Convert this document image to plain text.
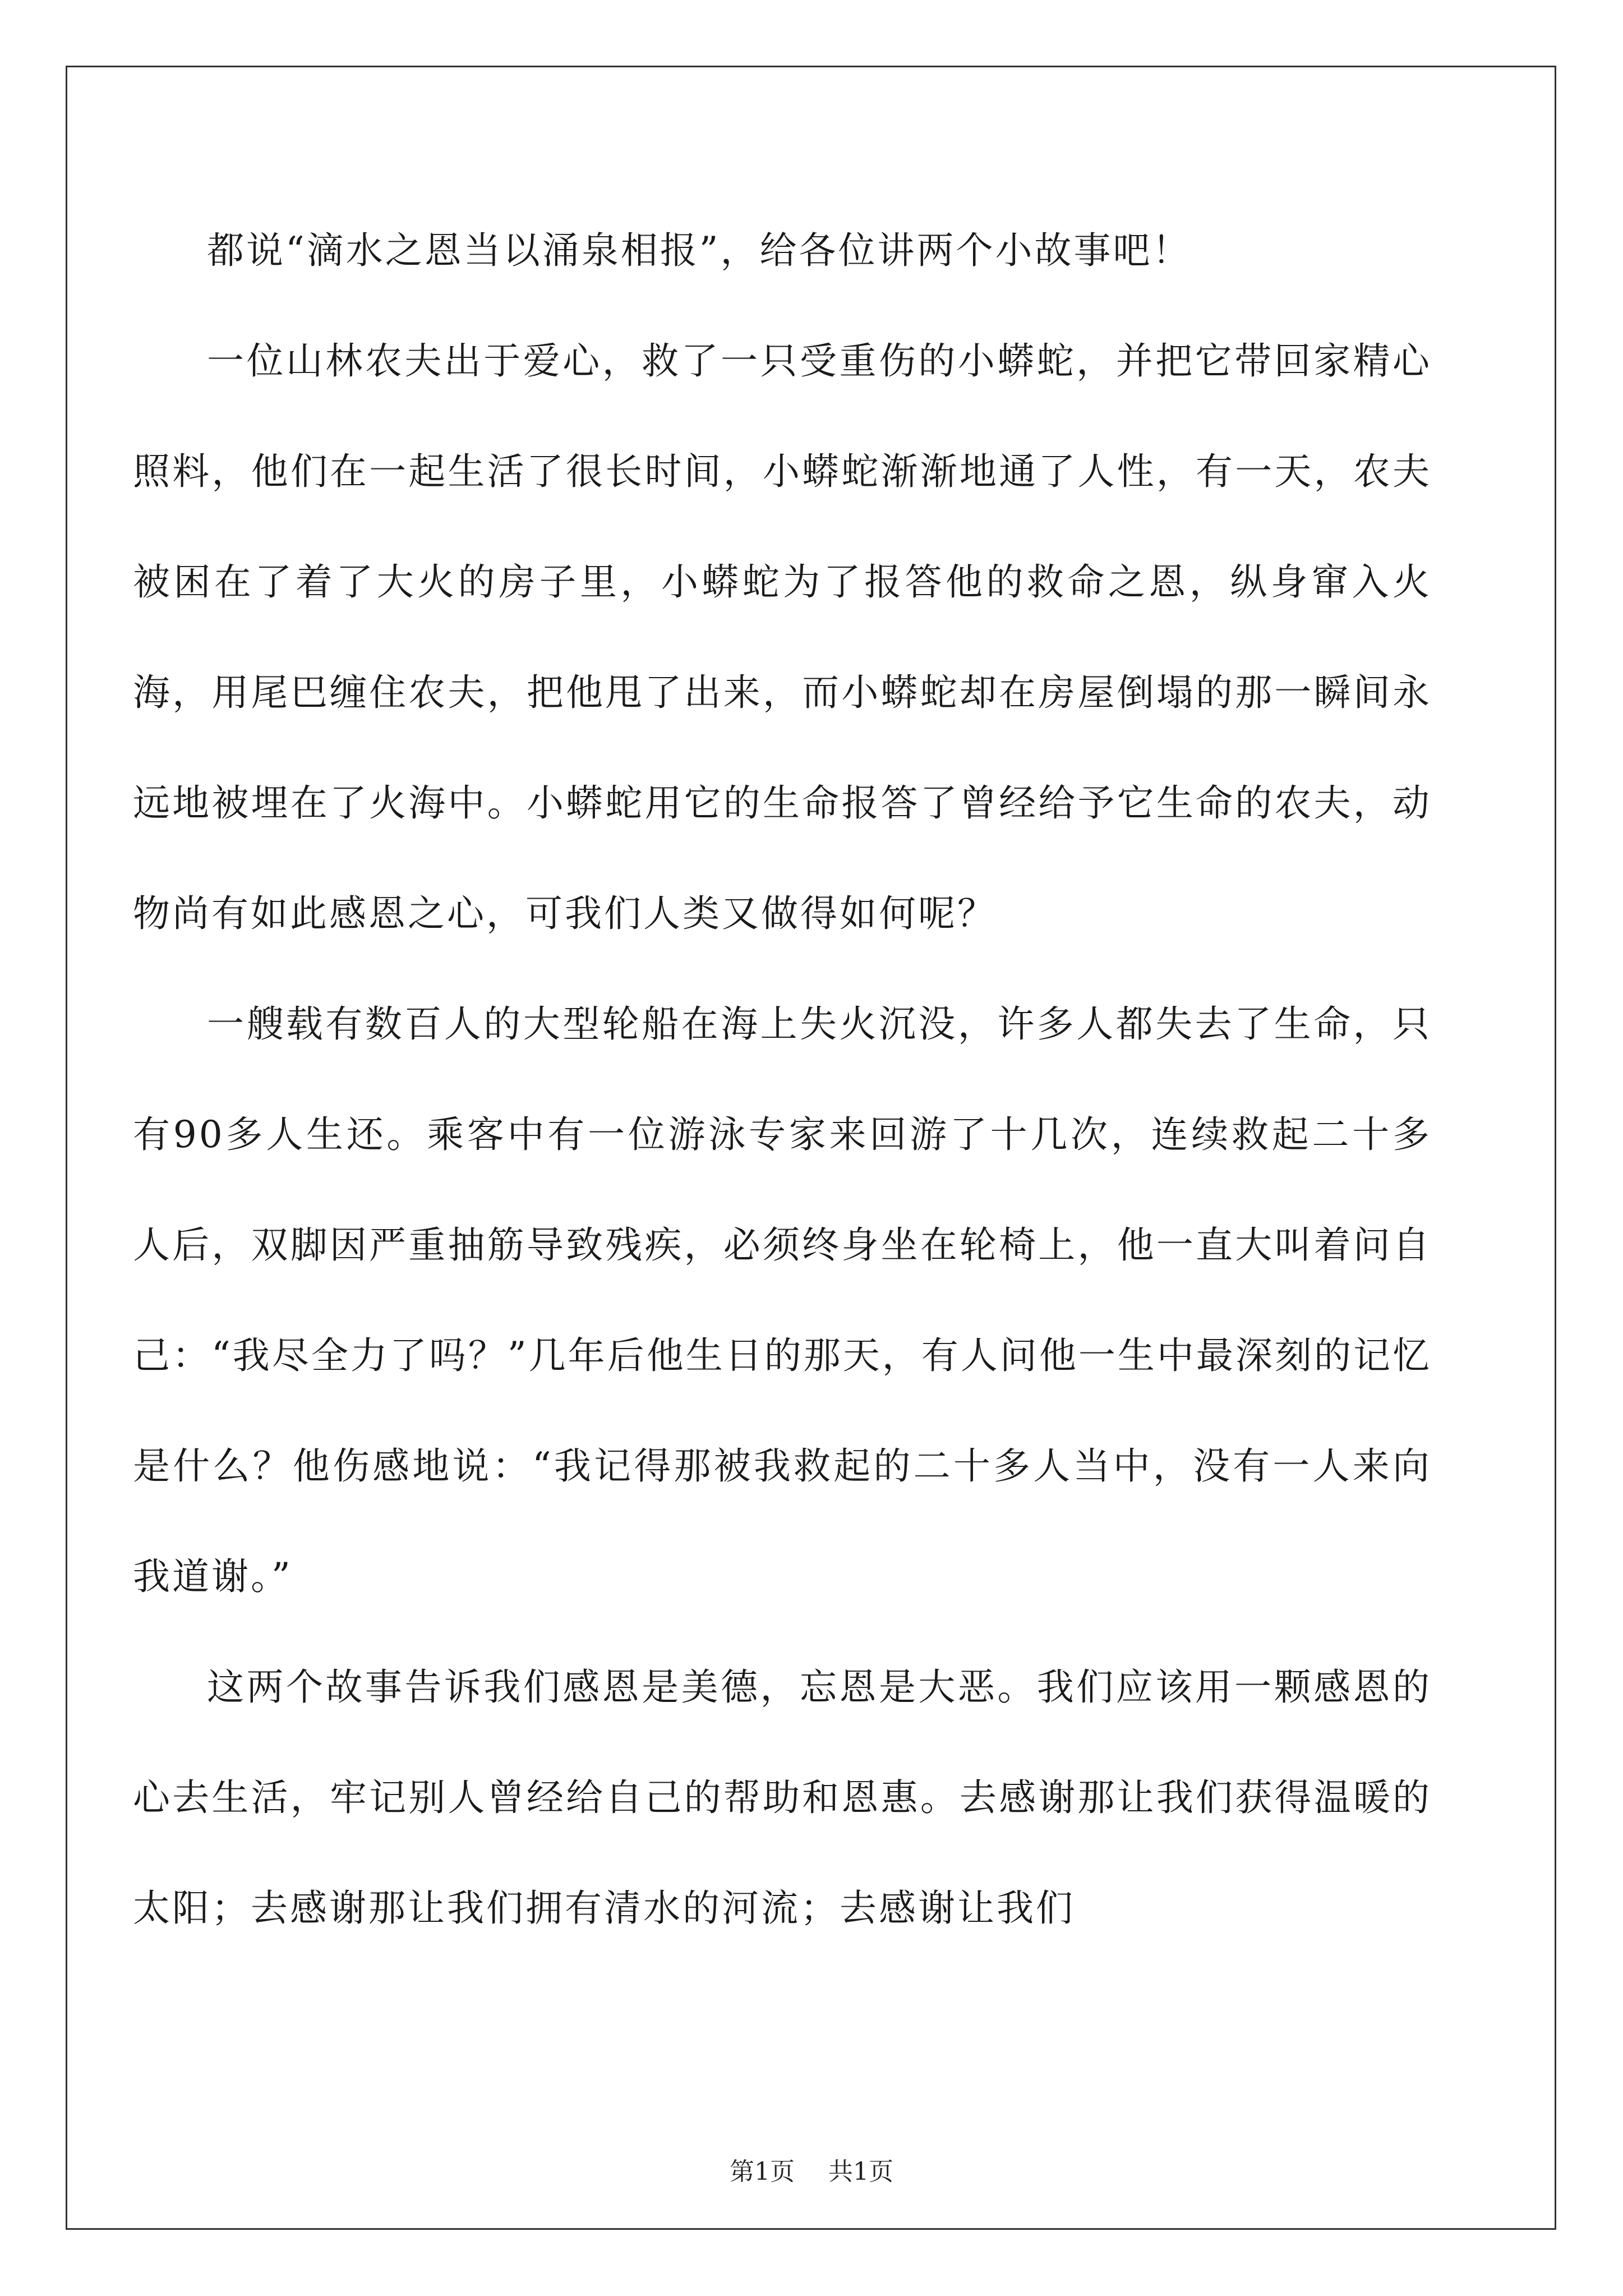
都说“滴水之恩当以涌泉相报”，给各位讲两个小故事吧！

一位山林农夫出于爱心，救了一只受重伤的小蟒蛇，并把它带回家精心照料，他们在一起生活了很长时间，小蟒蛇渐渐地通了人性，有一天，农夫被困在了着了大火的房子里，小蟒蛇为了报答他的救命之恩，纵身窜入火海，用尾巴缠住农夫，把他甩了出来，而小蟒蛇却在房屋倒塌的那一瞬间永远地被埋在了火海中。小蟒蛇用它的生命报答了曾经给予它生命的农夫，动物尚有如此感恩之心，可我们人类又做得如何呢？

一艘载有数百人的大型轮船在海上失火沉没，许多人都失去了生命，只有90多人生还。乘客中有一位游泳专家来回游了十几次，连续救起二十多人后，双脚因严重抽筋导致残疾，必须终身坐在轮椅上，他一直大叫着问自己：“我尽全力了吗？”几年后他生日的那天，有人问他一生中最深刻的记忆是什么？他伤感地说：“我记得那被我救起的二十多人当中，没有一人来向我道谢。”

这两个故事告诉我们感恩是美德，忘恩是大恶。我们应该用一颗感恩的心去生活，牢记别人曾经给自己的帮助和恩惠。去感谢那让我们获得温暖的太阳；去感谢那让我们拥有清水的河流；去感谢让我们

第1页 共1页
